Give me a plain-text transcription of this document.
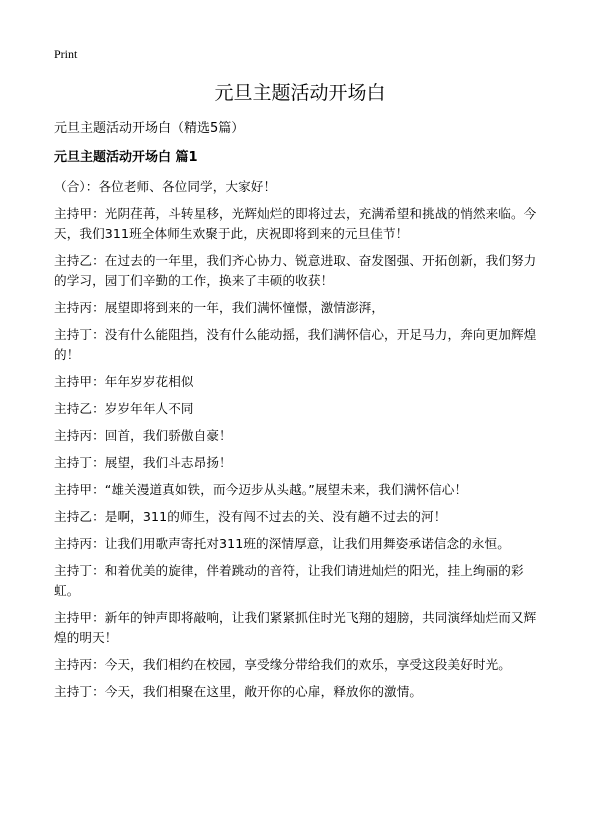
Print
元旦主题活动开场白

元旦主题活动开场白（精选5篇）

元旦主题活动开场白 篇1

（合）：各位老师、各位同学，大家好！

主持甲：光阴荏苒，斗转星移，光辉灿烂的即将过去，充满希望和挑战的悄然来临。今天，我们311班全体师生欢聚于此，庆祝即将到来的元旦佳节！

主持乙：在过去的一年里，我们齐心协力、锐意进取、奋发图强、开拓创新，我们努力的学习，园丁们辛勤的工作，换来了丰硕的收获！

主持丙：展望即将到来的一年，我们满怀憧憬，激情澎湃，

主持丁：没有什么能阻挡，没有什么能动摇，我们满怀信心，开足马力，奔向更加辉煌的！

主持甲：年年岁岁花相似

主持乙：岁岁年年人不同

主持丙：回首，我们骄傲自豪！

主持丁：展望，我们斗志昂扬！

主持甲：“雄关漫道真如铁，而今迈步从头越。”展望未来，我们满怀信心！

主持乙：是啊，311的师生，没有闯不过去的关、没有趟不过去的河！

主持丙：让我们用歌声寄托对311班的深情厚意，让我们用舞姿承诺信念的永恒。

主持丁：和着优美的旋律，伴着跳动的音符，让我们请进灿烂的阳光，挂上绚丽的彩虹。

主持甲：新年的钟声即将敲响，让我们紧紧抓住时光飞翔的翅膀，共同演绎灿烂而又辉煌的明天！

主持丙：今天，我们相约在校园，享受缘分带给我们的欢乐，享受这段美好时光。

主持丁：今天，我们相聚在这里，敞开你的心扉，释放你的激情。
